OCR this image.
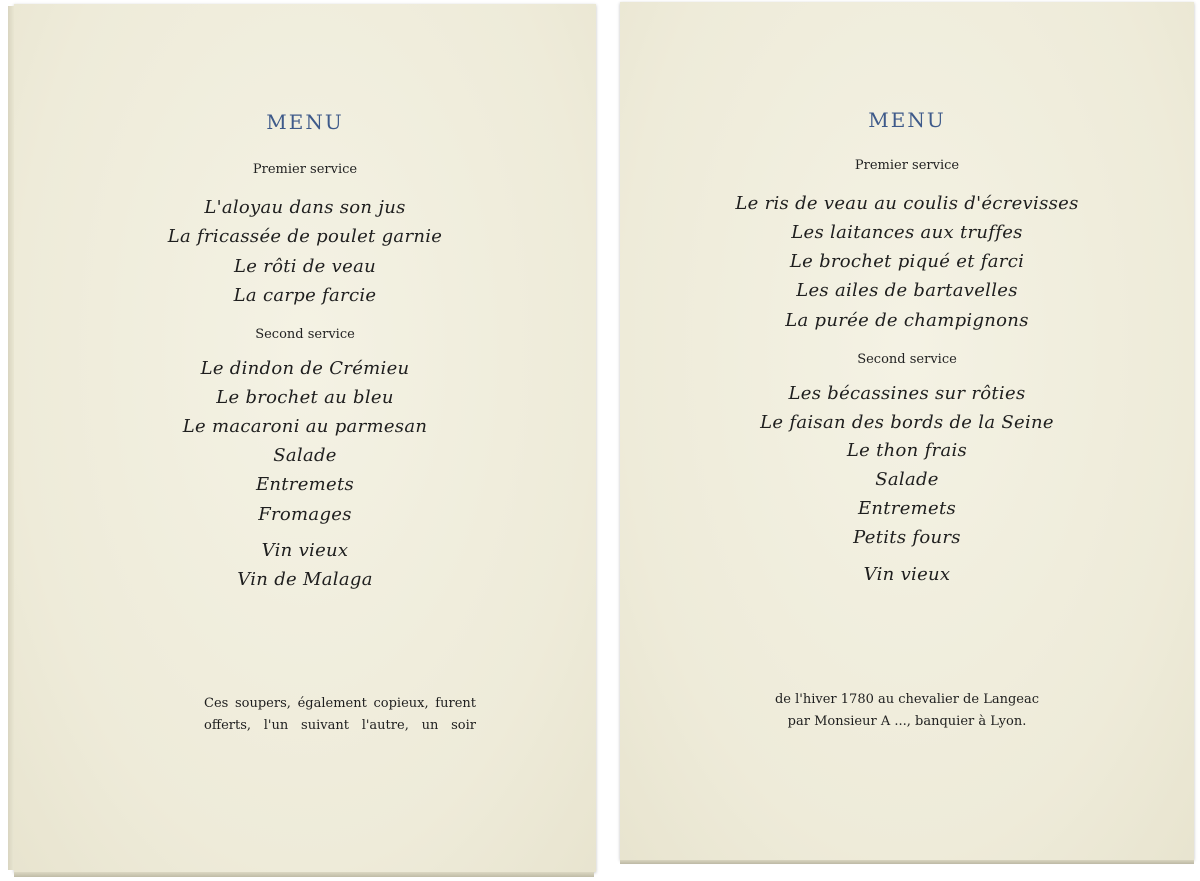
MENU
Premier service
L'aloyau dans son jus
La fricassée de poulet garnie
Le rôti de veau
La carpe farcie
Second service
Le dindon de Crémieu
Le brochet au bleu
Le macaroni au parmesan
Salade
Entremets
Fromages
Vin vieux
Vin de Malaga
Ces soupers, également copieux, furent
offerts, l'un suivant l'autre, un soir
MENU
Premier service
Le ris de veau au coulis d'écrevisses
Les laitances aux truffes
Le brochet piqué et farci
Les ailes de bartavelles
La purée de champignons
Second service
Les bécassines sur rôties
Le faisan des bords de la Seine
Le thon frais
Salade
Entremets
Petits fours
Vin vieux
de l'hiver 1780 au chevalier de Langeac
par Monsieur A ..., banquier à Lyon.
